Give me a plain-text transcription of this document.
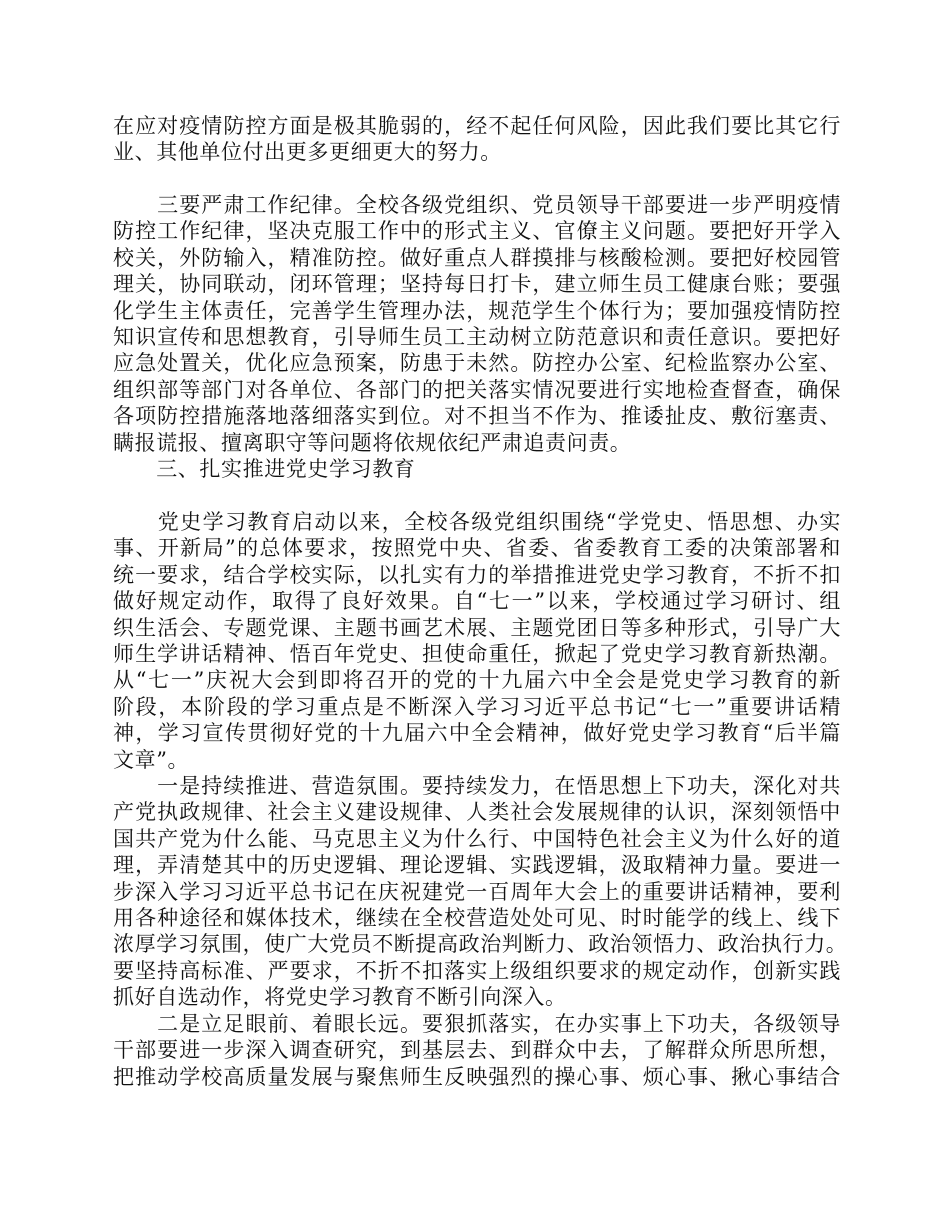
在应对疫情防控方面是极其脆弱的，经不起任何风险，因此我们要比其它行
业、其他单位付出更多更细更大的努力。
　　三要严肃工作纪律。全校各级党组织、党员领导干部要进一步严明疫情
防控工作纪律，坚决克服工作中的形式主义、官僚主义问题。要把好开学入
校关，外防输入，精准防控。做好重点人群摸排与核酸检测。要把好校园管
理关，协同联动，闭环管理；坚持每日打卡，建立师生员工健康台账；要强
化学生主体责任，完善学生管理办法，规范学生个体行为；要加强疫情防控
知识宣传和思想教育，引导师生员工主动树立防范意识和责任意识。要把好
应急处置关，优化应急预案，防患于未然。防控办公室、纪检监察办公室、
组织部等部门对各单位、各部门的把关落实情况要进行实地检查督查，确保
各项防控措施落地落细落实到位。对不担当不作为、推诿扯皮、敷衍塞责、
瞒报谎报、擅离职守等问题将依规依纪严肃追责问责。
　　三、扎实推进党史学习教育
　　党史学习教育启动以来，全校各级党组织围绕“学党史、悟思想、办实
事、开新局”的总体要求，按照党中央、省委、省委教育工委的决策部署和
统一要求，结合学校实际，以扎实有力的举措推进党史学习教育，不折不扣
做好规定动作，取得了良好效果。自“七一”以来，学校通过学习研讨、组
织生活会、专题党课、主题书画艺术展、主题党团日等多种形式，引导广大
师生学讲话精神、悟百年党史、担使命重任，掀起了党史学习教育新热潮。
从“七一”庆祝大会到即将召开的党的十九届六中全会是党史学习教育的新
阶段，本阶段的学习重点是不断深入学习习近平总书记“七一”重要讲话精
神，学习宣传贯彻好党的十九届六中全会精神，做好党史学习教育“后半篇
文章”。
　　一是持续推进、营造氛围。要持续发力，在悟思想上下功夫，深化对共
产党执政规律、社会主义建设规律、人类社会发展规律的认识，深刻领悟中
国共产党为什么能、马克思主义为什么行、中国特色社会主义为什么好的道
理，弄清楚其中的历史逻辑、理论逻辑、实践逻辑，汲取精神力量。要进一
步深入学习习近平总书记在庆祝建党一百周年大会上的重要讲话精神，要利
用各种途径和媒体技术，继续在全校营造处处可见、时时能学的线上、线下
浓厚学习氛围，使广大党员不断提高政治判断力、政治领悟力、政治执行力。
要坚持高标准、严要求，不折不扣落实上级组织要求的规定动作，创新实践
抓好自选动作，将党史学习教育不断引向深入。
　　二是立足眼前、着眼长远。要狠抓落实，在办实事上下功夫，各级领导
干部要进一步深入调查研究，到基层去、到群众中去，了解群众所思所想，
把推动学校高质量发展与聚焦师生反映强烈的操心事、烦心事、揪心事结合
